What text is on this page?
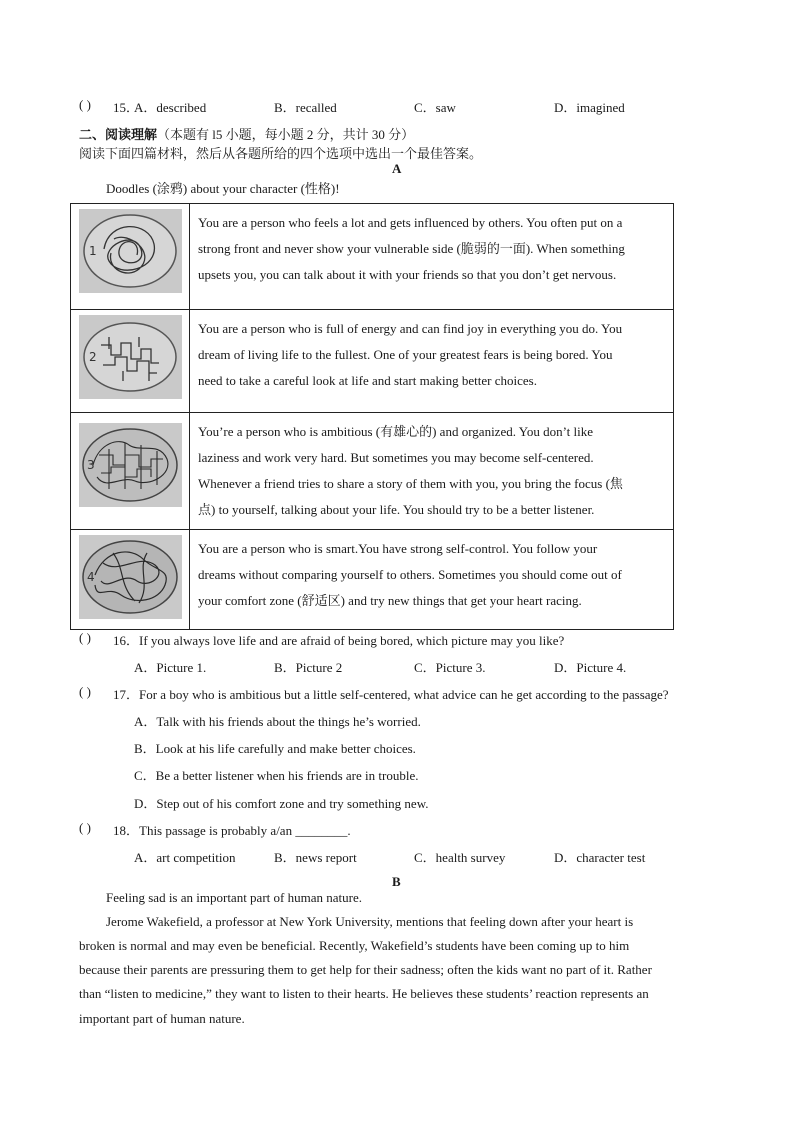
( ) 15．
A．described	B．recalled	C．saw	D．imagined
二、阅读理解（本题有 l5 小题，每小题 2 分，共计 30 分）
阅读下面四篇材料，然后从各题所给的四个选项中选出一个最佳答案。
A
Doodles (涂鸦) about your character (性格)!
1	You are a person who feels a lot and gets influenced by others. You often put on a
strong front and never show your vulnerable side (脆弱的一面). When something
upsets you, you can talk about it with your friends so that you don’t get nervous.

2	You are a person who is full of energy and can find joy in everything you do. You
dream of living life to the fullest. One of your greatest fears is being bored. You
need to take a careful look at life and start making better choices.

3	You’re a person who is ambitious (有雄心的) and organized. You don’t like
laziness and work very hard. But sometimes you may become self-centered.
Whenever a friend tries to share a story of them with you, you bring the focus (焦
点) to yourself, talking about your life. You should try to be a better listener.

4	You are a person who is smart.You have strong self-control. You follow your
dreams without comparing yourself to others. Sometimes you should come out of
your comfort zone (舒适区) and try new things that get your heart racing.
( ) 16．If you always love life and are afraid of being bored, which picture may you like?
A．Picture 1.	B．Picture 2	C．Picture 3.	D．Picture 4.
( ) 17．For a boy who is ambitious but a little self-centered, what advice can he get according to the passage?
A．Talk with his friends about the things he’s worried.
B．Look at his life carefully and make better choices.
C．Be a better listener when his friends are in trouble.
D．Step out of his comfort zone and try something new.
( ) 18．This passage is probably a/an ________.
A．art competition	B．news report	C．health survey	D．character test
B
Feeling sad is an important part of human nature.
Jerome Wakefield, a professor at New York University, mentions that feeling down after your heart is
broken is normal and may even be beneficial. Recently, Wakefield’s students have been coming up to him
because their parents are pressuring them to get help for their sadness; often the kids want no part of it. Rather
than “listen to medicine,” they want to listen to their hearts. He believes these students’ reaction represents an
important part of human nature.
